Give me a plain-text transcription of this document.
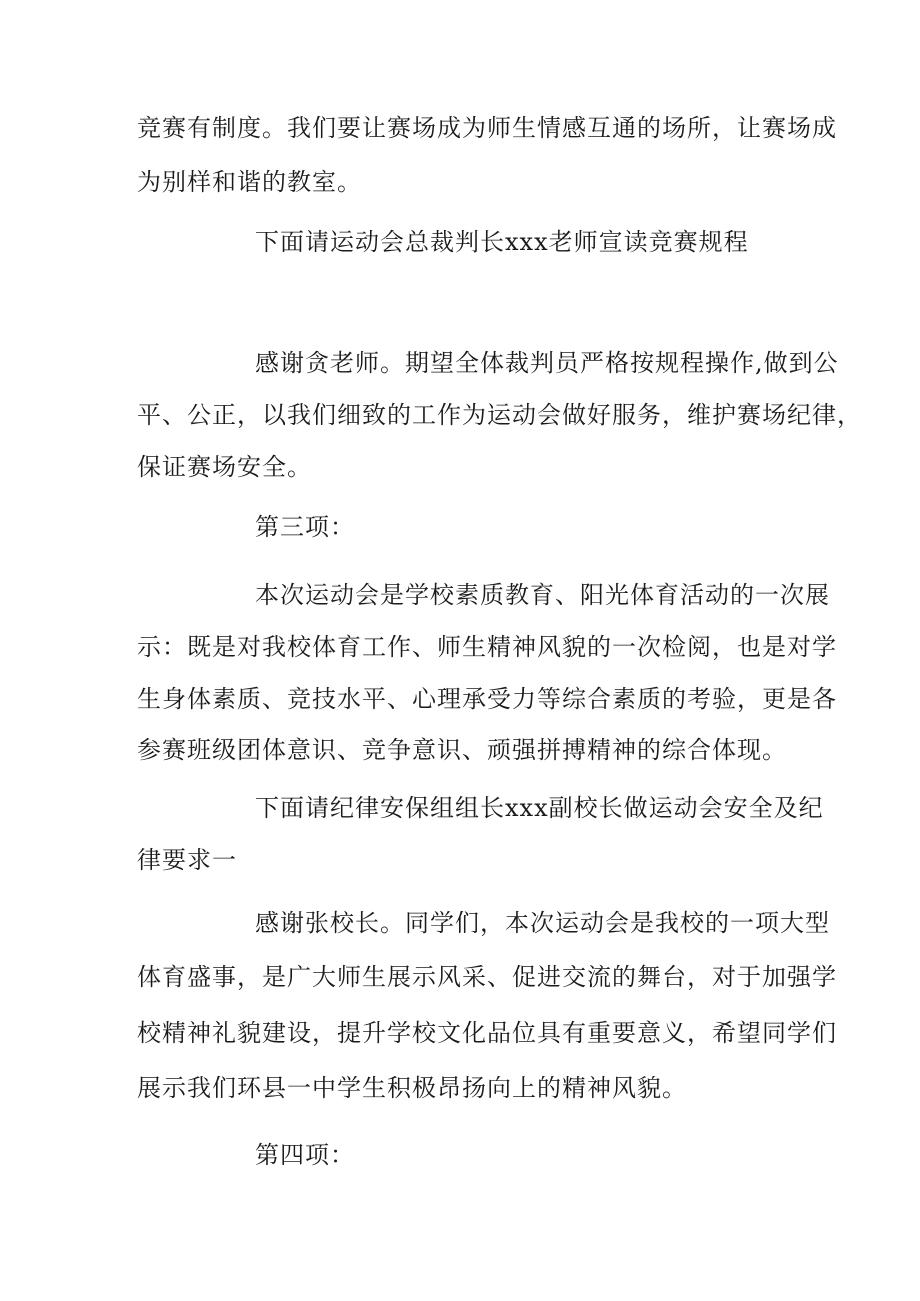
竞赛有制度。我们要让赛场成为师生情感互通的场所，让赛场成

为别样和谐的教室。

下面请运动会总裁判长xxx老师宣读竞赛规程

感谢贪老师。期望全体裁判员严格按规程操作,做到公

平、公正，以我们细致的工作为运动会做好服务，维护赛场纪律，

保证赛场安全。

第三项：

本次运动会是学校素质教育、阳光体育活动的一次展

示：既是对我校体育工作、师生精神风貌的一次检阅，也是对学

生身体素质、竞技水平、心理承受力等综合素质的考验，更是各

参赛班级团体意识、竞争意识、顽强拼搏精神的综合体现。

下面请纪律安保组组长xxx副校长做运动会安全及纪

律要求一

感谢张校长。同学们，本次运动会是我校的一项大型

体育盛事，是广大师生展示风采、促进交流的舞台，对于加强学

校精神礼貌建设，提升学校文化品位具有重要意义，希望同学们

展示我们环县一中学生积极昂扬向上的精神风貌。

第四项：
